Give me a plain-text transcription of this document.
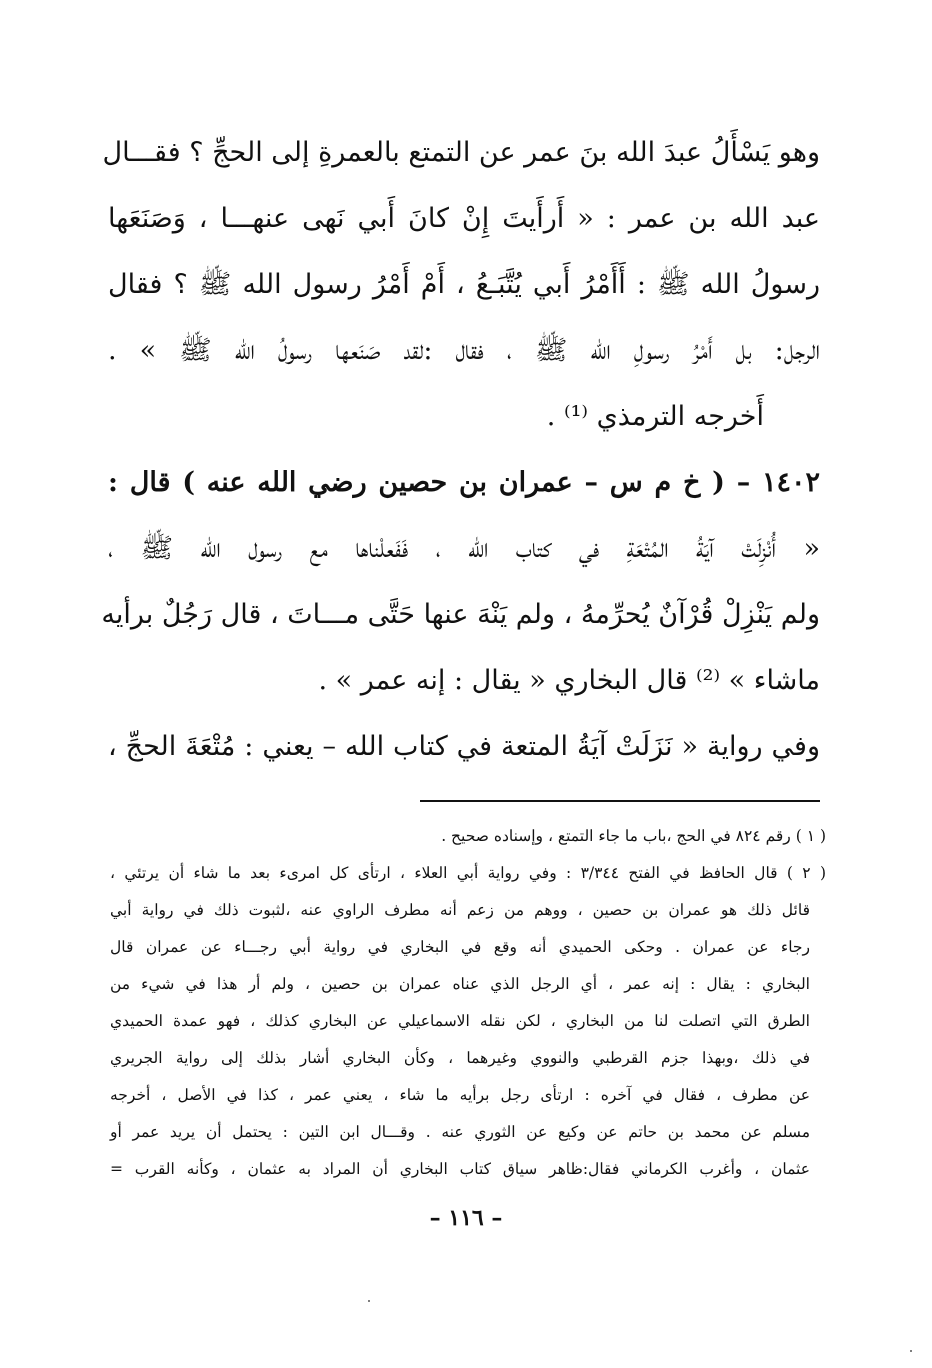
وهو يَسْأَلُ عبدَ الله بنَ عمر عن التمتع بالعمرةِ إلى الحجِّ ؟ فقـــال
عبد الله بن عمر : « أَرأَيتَ إِنْ كانَ أَبي نَهى عنهـــا ، وَصَنَعَها
رسولُ الله ﷺ : أَأَمْرُ أَبي يُتَّبَـعُ ، أَمْ أَمْرُ رسول الله ﷺ ؟ فقال
الرجل: بل أَمْرُ رسولِ الله ﷺ ، فقال :لقد صَنَعها رسولُ الله ﷺ » .
أَخرجه الترمذي ⁽¹⁾ .
١٤٠٢ – ( خ م س – عمران بن حصين رضي الله عنه ) قال :
« أُنْزِلَتْ آيَةُ المُتْعَةِ في كتاب الله ، فَفَعلْناها مع رسول الله ﷺ ،
ولم يَنْزِلْ قُرْآنٌ يُحرِّمهُ ، ولم يَنْهَ عنها حَتَّى مـــاتَ ، قال رَجُلٌ برأيه
ماشاء » ⁽²⁾ قال البخاري « يقال : إنه عمر » .
وفي رواية « نَزَلَتْ آيَةُ المتعة في كتاب الله – يعني : مُتْعَةَ الحجِّ ،
( ١ ) رقم ٨٢٤ في الحج ،باب ما جاء التمتع ، وإسناده صحيح .
( ٢ ) قال الحافظ في الفتح ٣/٣٤٤ : وفي رواية أبي العلاء ، ارتأى كل امرىء بعد ما شاء أن يرتئي ،
قائل ذلك هو عمران بن حصين ، ووهم من زعم أنه مطرف الراوي عنه ،لثبوت ذلك في رواية أبي
رجاء عن عمران . وحكى الحميدي أنه وقع في البخاري في رواية أبي رجـــاء عن عمران قال
البخاري : يقال : إنه عمر ، أي الرجل الذي عناه عمران بن حصين ، ولم أر هذا في شيء من
الطرق التي اتصلت لنا من البخاري ، لكن نقله الاسماعيلي عن البخاري كذلك ، فهو عمدة الحميدي
في ذلك ،وبهذا جزم القرطبي والنووي وغيرهما ، وكأن البخاري أشار بذلك إلى رواية الجريري
عن مطرف ، فقال في آخره : ارتأى رجل برأيه ما شاء ، يعني عمر ، كذا في الأصل ، أخرجه
مسلم عن محمد بن حاتم عن وكيع عن الثوري عنه . وقـــال ابن التين : يحتمل أن يريد عمر أو
عثمان ، وأغرب الكرماني فقال:ظاهر سياق كتاب البخاري أن المراد به عثمان ، وكأنه القرب =
– ١١٦ –
